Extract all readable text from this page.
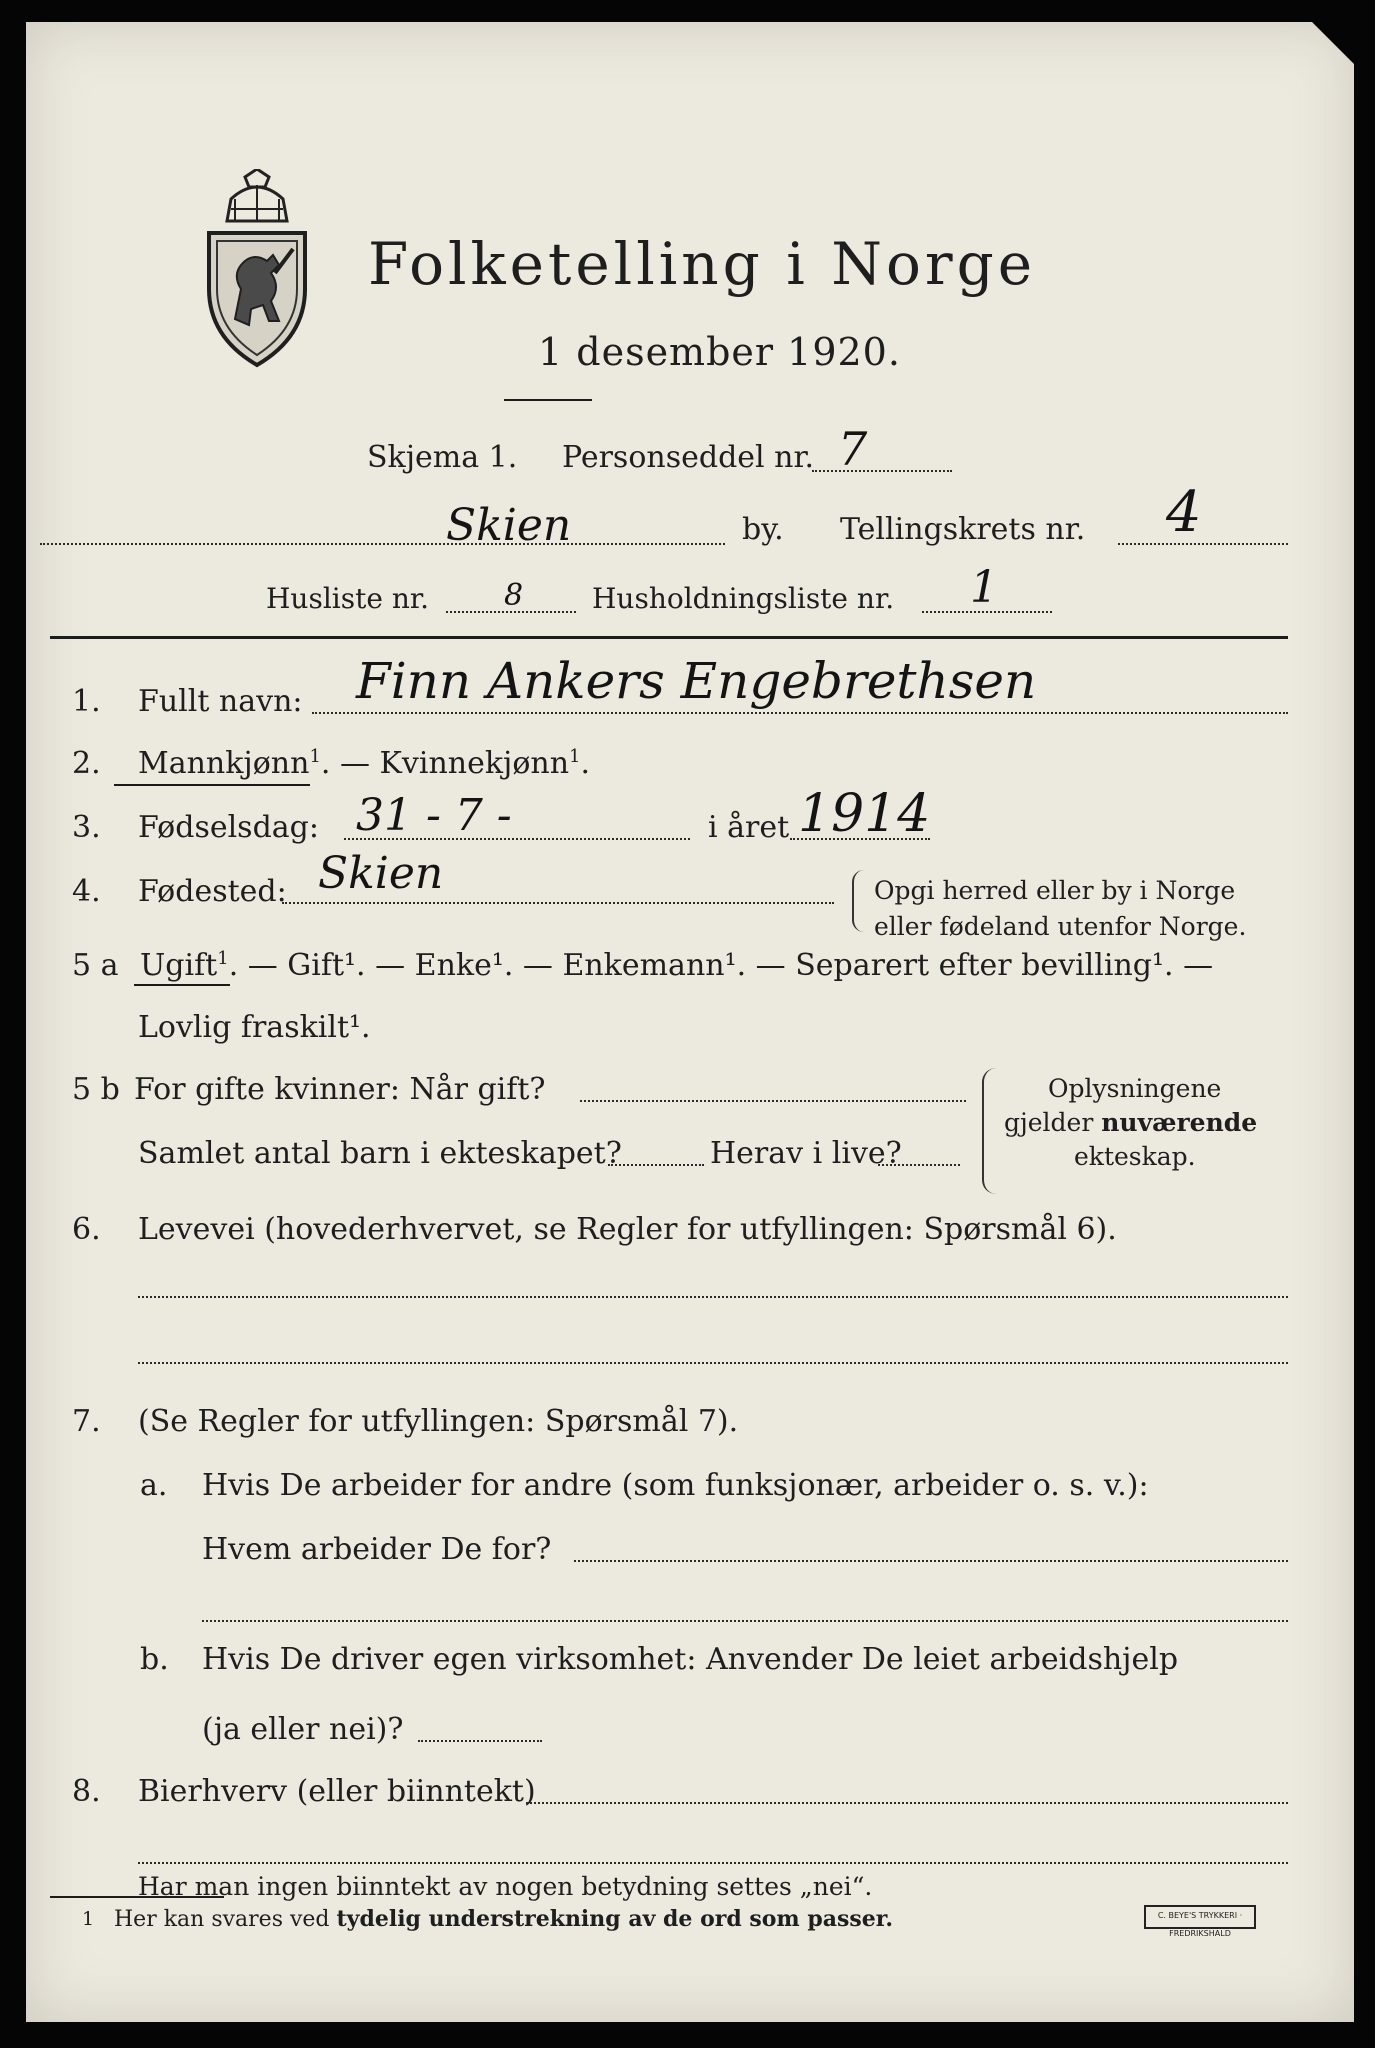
Folketelling i Norge
1 desember 1920.
Skjema 1. Personseddel nr. 7
Skien	by. Tellingskrets nr. 4
Husliste nr. 8 Husholdningsliste nr. 1
1. Fullt navn: Finn Ankers Engebrethsen
2. Mannkjønn$^1$. — Kvinnekjønn$^1$.
3. Fødselsdag: 31 - 7 -	i året 1914
4. Fødested: Skien	Opgi herred eller by i Norge
eller fødeland utenfor Norge.
5 a Ugift$^1$. — Gift¹. — Enke¹. — Enkemann¹. — Separert efter bevilling¹. —
Lovlig fraskilt¹.
5 b For gifte kvinner: Når gift?
Samlet antal barn i ekteskapet?	Herav i live?
Oplysningene
gjelder nuværende
ekteskap.
6. Levevei (hovederhvervet, se Regler for utfyllingen: Spørsmål 6).
7. (Se Regler for utfyllingen: Spørsmål 7).
a. Hvis De arbeider for andre (som funksjonær, arbeider o. s. v.):
Hvem arbeider De for?
b. Hvis De driver egen virksomhet: Anvender De leiet arbeidshjelp
(ja eller nei)?
8. Bierhverv (eller biinntekt)
Har man ingen biinntekt av nogen betydning settes „nei“.
1 Her kan svares ved tydelig understrekning av de ord som passer.	C. BEYE'S TRYKKERI · FREDRIKSHALD
